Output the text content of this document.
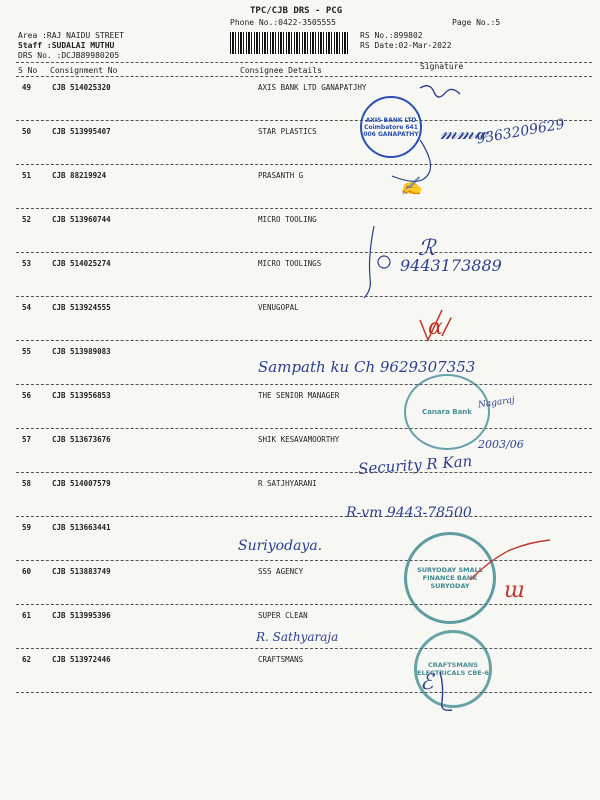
TPC/CJB DRS - PCG
Phone No.:0422-3505555	Page No.:5
Area :RAJ NAIDU STREET
Staff :SUDALAI MUTHU
DRS No. :DCJB89980205
RS No.:899802
RS Date:02-Mar-2022
S No Consignment No	Consignee Details	Signature
49	CJB 514025320	AXIS BANK LTD GANAPATJHY
50	CJB 513995407	STAR PLASTICS
51	CJB 88219924	PRASANTH G
52	CJB 513960744	MICRO TOOLING
53	CJB 514025274	MICRO TOOLINGS
54	CJB 513924555	VENUGOPAL
55	CJB 513989083
56	CJB 513956853	THE SENIOR MANAGER
57	CJB 513673676	SHIK KESAVAMOORTHY
58	CJB 514007579	R SATJHYARANI
59	CJB 513663441
60	CJB 513883749	SSS AGENCY
61	CJB 513995396	SUPER CLEAN
62	CJB 513972446	CRAFTSMANS
AXIS BANK LTD Coimbatore 641 006 GANAPATHY
Canara Bank
SURYODAY SMALL FINANCE BANK SURYODAY
CRAFTSMANS ELECTRICALS CBE-6
9363209629
𝓂𝓂𝓌
✍
ℛ
9443173889
ɑ/
Sampath ku Ch 9629307353
Nagaraj
2003/06
Security R Kan
R-vm 9443-78500
Suriyodaya.
ɯ
R. Sathyaraja
ℰ
